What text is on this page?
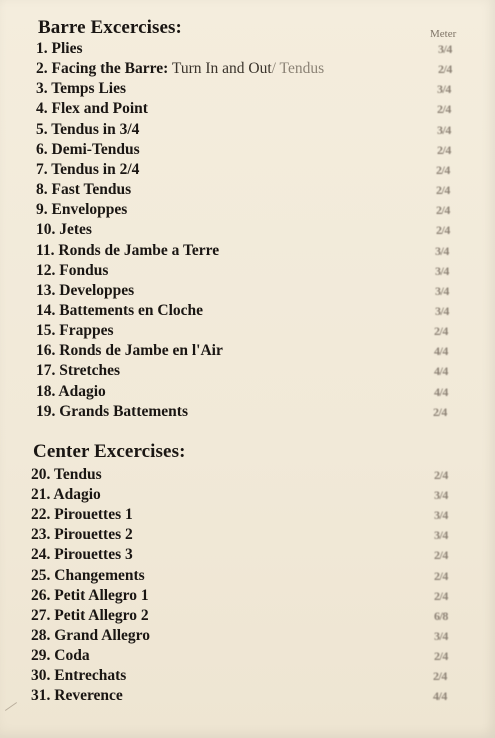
Barre Excercises:	Meter
1. Plies	3/4
2. Facing the Barre: Turn In and Out/ Tendus	2/4
3. Temps Lies	3/4
4. Flex and Point	2/4
5. Tendus in 3/4	3/4
6. Demi-Tendus	2/4
7. Tendus in 2/4	2/4
8. Fast Tendus	2/4
9. Enveloppes	2/4
10. Jetes	2/4
11. Ronds de Jambe a Terre	3/4
12. Fondus	3/4
13. Developpes	3/4
14. Battements en Cloche	3/4
15. Frappes	2/4
16. Ronds de Jambe en l'Air	4/4
17. Stretches	4/4
18. Adagio	4/4
19. Grands Battements	2/4
Center Excercises:
20. Tendus	2/4
21. Adagio	3/4
22. Pirouettes 1	3/4
23. Pirouettes 2	3/4
24. Pirouettes 3	2/4
25. Changements	2/4
26. Petit Allegro 1	2/4
27. Petit Allegro 2	6/8
28. Grand Allegro	3/4
29. Coda	2/4
30. Entrechats	2/4
31. Reverence	4/4
